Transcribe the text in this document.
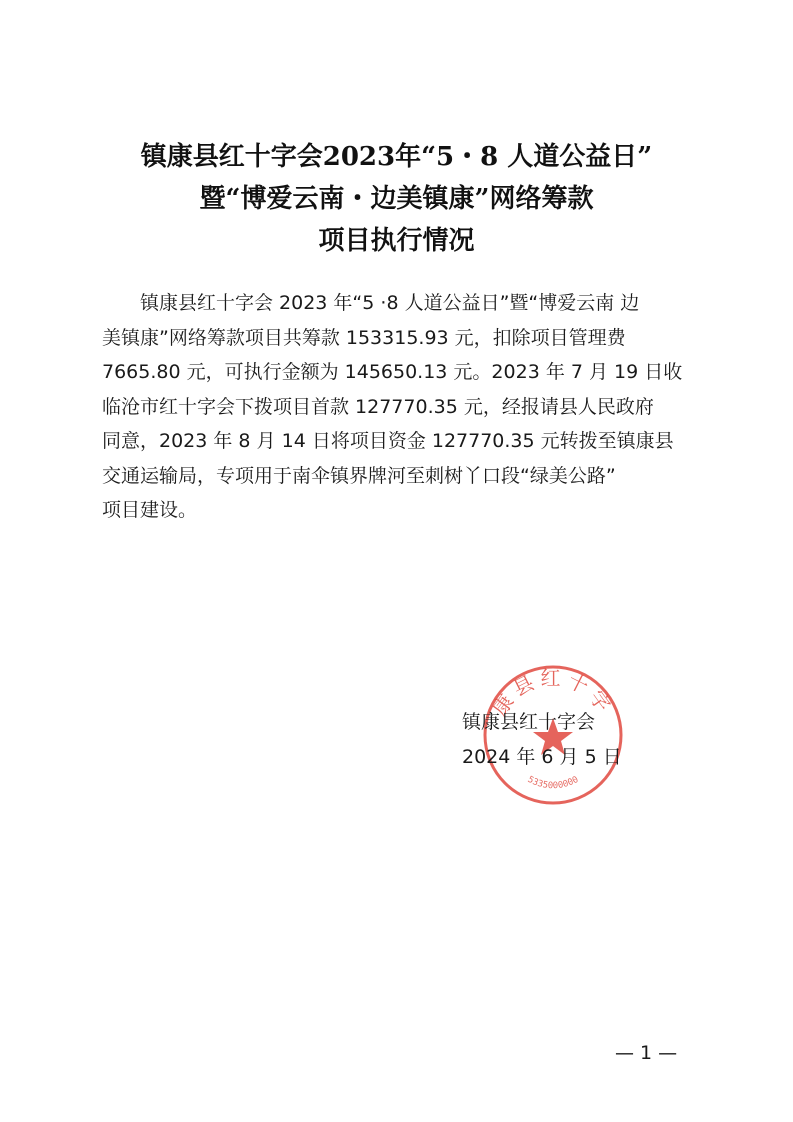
镇康县红十字会2023年“5・8 人道公益日”
暨“博爱云南・边美镇康”网络筹款
项目执行情况
镇康县红十字会 2023 年“5 ·8 人道公益日”暨“博爱云南 边
美镇康”网络筹款项目共筹款 153315.93 元，扣除项目管理费
7665.80 元，可执行金额为 145650.13 元。2023 年 7 月 19 日收
临沧市红十字会下拨项目首款 127770.35 元，经报请县人民政府
同意，2023 年 8 月 14 日将项目资金 127770.35 元转拨至镇康县
交通运输局，专项用于南伞镇界牌河至刺树丫口段“绿美公路”
项目建设。
康县红十字
5335000000
镇康县红十字会
2024 年 6 月 5 日
— 1 —
